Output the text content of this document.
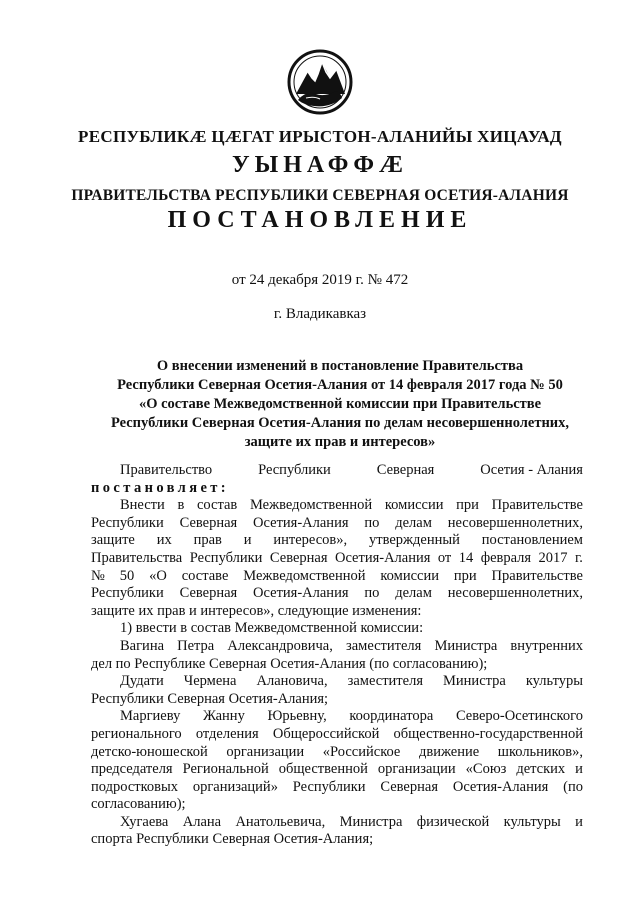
РЕСПУБЛИКӔ ЦӔГАТ ИРЫСТОН-АЛАНИЙЫ ХИЦАУАД
УЫНАФФӔ
ПРАВИТЕЛЬСТВА РЕСПУБЛИКИ СЕВЕРНАЯ ОСЕТИЯ-АЛАНИЯ
ПОСТАНОВЛЕНИЕ
от 24 декабря 2019 г. № 472
г. Владикавказ
О внесении изменений в постановление Правительства
Республики Северная Осетия-Алания от 14 февраля 2017 года № 50
«О составе Межведомственной комиссии при Правительстве
Республики Северная Осетия-Алания по делам несовершеннолетних,
защите их прав и интересов»
Правительство	Республики	Северная	Осетия - Алания
постановляет:
Внести в состав Межведомственной комиссии при Правительстве
Республики Северная Осетия-Алания по делам несовершеннолетних,
защите их прав и интересов», утвержденный постановлением
Правительства Республики Северная Осетия-Алания от 14 февраля 2017 г.
№ 50 «О составе Межведомственной комиссии при Правительстве
Республики Северная Осетия-Алания по делам несовершеннолетних,
защите их прав и интересов», следующие изменения:
1) ввести в состав Межведомственной комиссии:
Вагина Петра Александровича, заместителя Министра внутренних
дел по Республике Северная Осетия-Алания (по согласованию);
Дудати Чермена Алановича, заместителя Министра культуры
Республики Северная Осетия-Алания;
Маргиеву Жанну Юрьевну, координатора Северо-Осетинского
регионального отделения Общероссийской общественно-государственной
детско-юношеской организации «Российское движение школьников»,
председателя Региональной общественной организации «Союз детских и
подростковых организаций» Республики Северная Осетия-Алания (по
согласованию);
Хугаева Алана Анатольевича, Министра физической культуры и
спорта Республики Северная Осетия-Алания;
